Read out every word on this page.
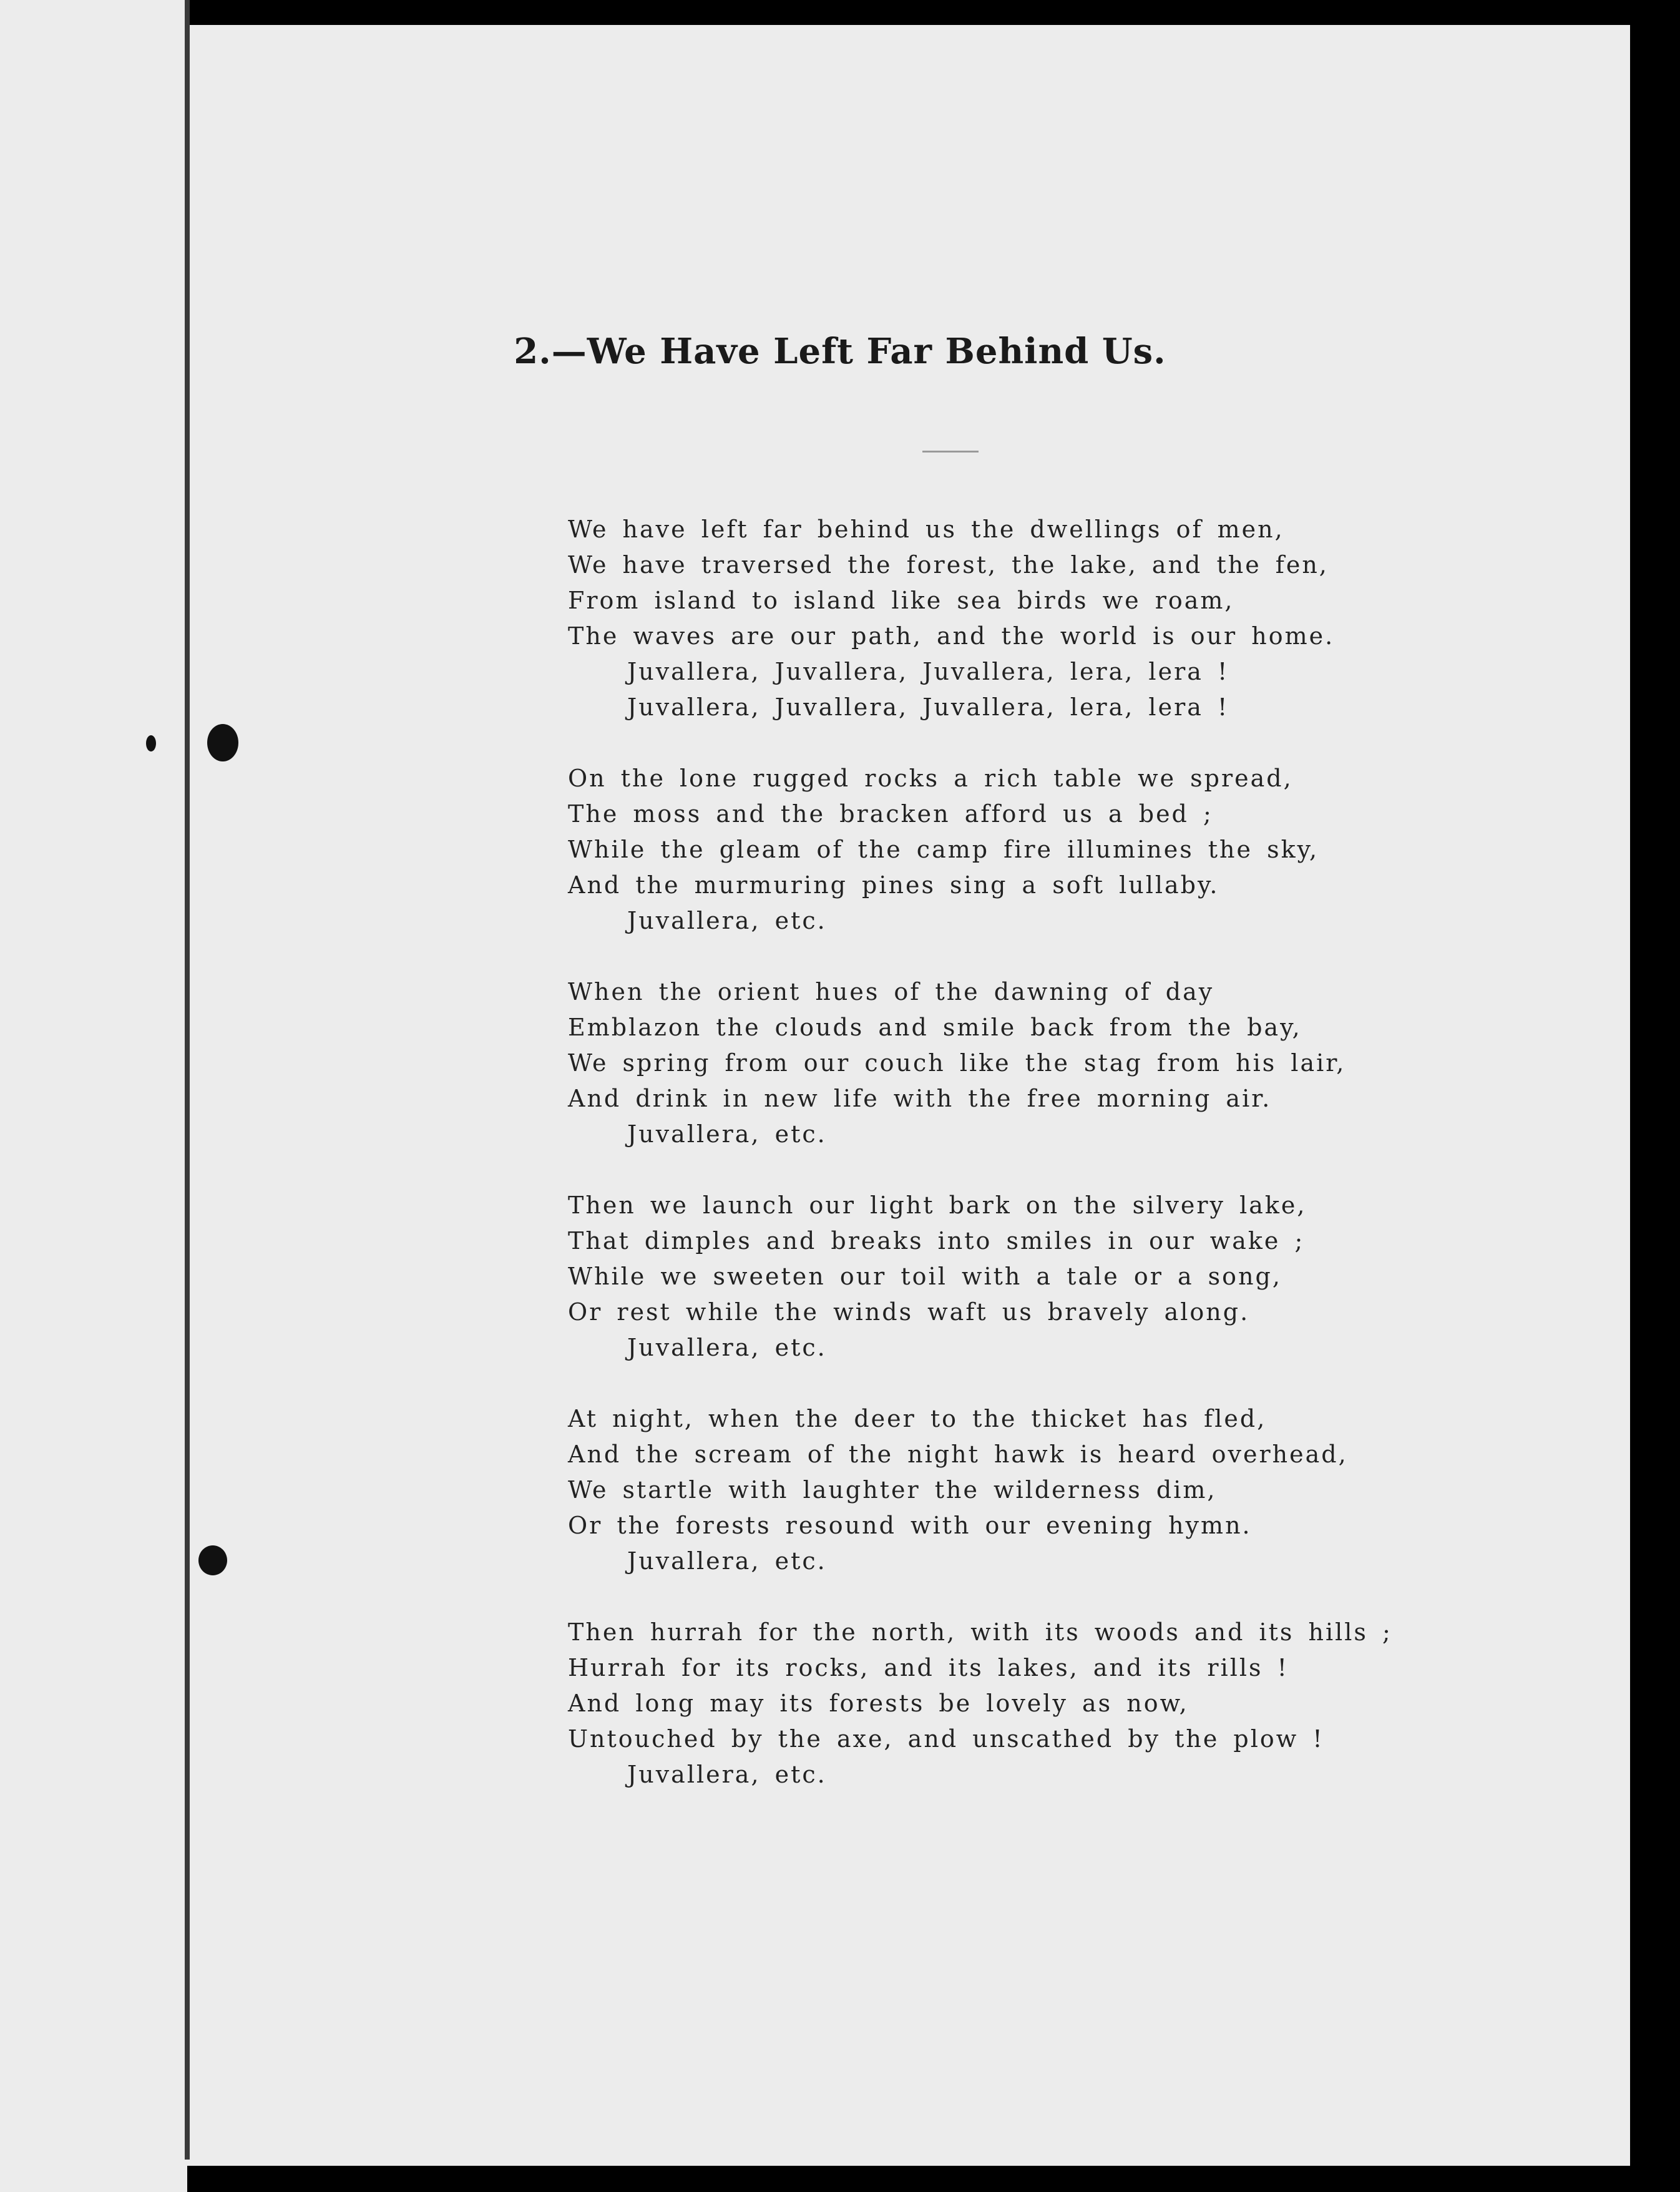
2.—We Have Left Far Behind Us.
We have left far behind us the dwellings of men,
We have traversed the forest, the lake, and the fen,
From island to island like sea birds we roam,
The waves are our path, and the world is our home.
Juvallera, Juvallera, Juvallera, lera, lera !
Juvallera, Juvallera, Juvallera, lera, lera !
On the lone rugged rocks a rich table we spread,
The moss and the bracken afford us a bed ;
While the gleam of the camp fire illumines the sky,
And the murmuring pines sing a soft lullaby.
Juvallera, etc.
When the orient hues of the dawning of day
Emblazon the clouds and smile back from the bay,
We spring from our couch like the stag from his lair,
And drink in new life with the free morning air.
Juvallera, etc.
Then we launch our light bark on the silvery lake,
That dimples and breaks into smiles in our wake ;
While we sweeten our toil with a tale or a song,
Or rest while the winds waft us bravely along.
Juvallera, etc.
At night, when the deer to the thicket has fled,
And the scream of the night hawk is heard overhead,
We startle with laughter the wilderness dim,
Or the forests resound with our evening hymn.
Juvallera, etc.
Then hurrah for the north, with its woods and its hills ;
Hurrah for its rocks, and its lakes, and its rills !
And long may its forests be lovely as now,
Untouched by the axe, and unscathed by the plow !
Juvallera, etc.
